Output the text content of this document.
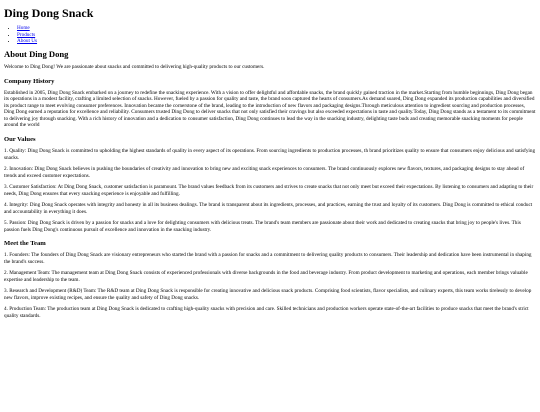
Ding Dong Snack
• Home
• Products
• About Us
About Ding Dong

Welcome to Ding Dong! We are passionate about snacks and committed to delivering high-quality products to our customers.

Company History

Established in 2005, Ding Dong Snack embarked on a journey to redefine the snacking experience. With a vision to offer delightful and affordable snacks, the brand quickly gained traction in the market.Starting from humble beginnings, Ding Dong began its operations in a modest facility, crafting a limited selection of snacks. However, fueled by a passion for quality and taste, the brand soon captured the hearts of consumers.As demand soared, Ding Dong expanded its production capabilities and diversified its product range to meet evolving consumer preferences. Innovation became the cornerstone of the brand, leading to the introduction of new flavors and packaging designs.Through meticulous attention to ingredient sourcing and production processes, Ding Dong earned a reputation for excellence and reliability. Consumers trusted Ding Dong to deliver snacks that not only satisfied their cravings but also exceeded expectations in taste and quality.Today, Ding Dong stands as a testament to its commitment to delivering joy through snacking. With a rich history of innovation and a dedication to consumer satisfaction, Ding Dong continues to lead the way in the snacking industry, delighting taste buds and creating memorable snacking moments for people around the world

Our Values

1. Quality: Ding Dong Snack is committed to upholding the highest standards of quality in every aspect of its operations. From sourcing ingredients to production processes, th brand prioritizes quality to ensure that consumers enjoy delicious and satisfying snacks.

2. Innovation: Ding Dong Snack believes in pushing the boundaries of creativity and innovation to bring new and exciting snack experiences to consumers. The brand continuously explores new flavors, textures, and packaging designs to stay ahead of trends and exceed customer expectations.

3. Customer Satisfaction: At Ding Dong Snack, customer satisfaction is paramount. The brand values feedback from its customers and strives to create snacks that not only meet but exceed their expectations. By listening to consumers and adapting to their needs, Ding Dong ensures that every snacking experience is enjoyable and fulfilling.

4. Integrity: Ding Dong Snack operates with integrity and honesty in all its business dealings. The brand is transparent about its ingredients, processes, and practices, earning the trust and loyalty of its customers. Ding Dong is committed to ethical conduct and accountability in everything it does.

5. Passion: Ding Dong Snack is driven by a passion for snacks and a love for delighting consumers with delicious treats. The brand's team members are passionate about their work and dedicated to creating snacks that bring joy to people's lives. This passion fuels Ding Dong's continuous pursuit of excellence and innovation in the snacking industry.

Meet the Team

1. Founders: The founders of Ding Dong Snack are visionary entrepreneurs who started the brand with a passion for snacks and a commitment to delivering quality products to consumers. Their leadership and dedication have been instrumental in shaping the brand's success.

2. Management Team: The management team at Ding Dong Snack consists of experienced professionals with diverse backgrounds in the food and beverage industry. From product development to marketing and operations, each member brings valuable expertise and leadership to the team.

3. Research and Development (R&D) Team: The R&D team at Ding Dong Snack is responsible for creating innovative and delicious snack products. Comprising food scientists, flavor specialists, and culinary experts, this team works tirelessly to develop new flavors, improve existing recipes, and ensure the quality and safety of Ding Dong snacks.

4. Production Team: The production team at Ding Dong Snack is dedicated to crafting high-quality snacks with precision and care. Skilled technicians and production workers operate state-of-the-art facilities to produce snacks that meet the brand's strict quality standards.
